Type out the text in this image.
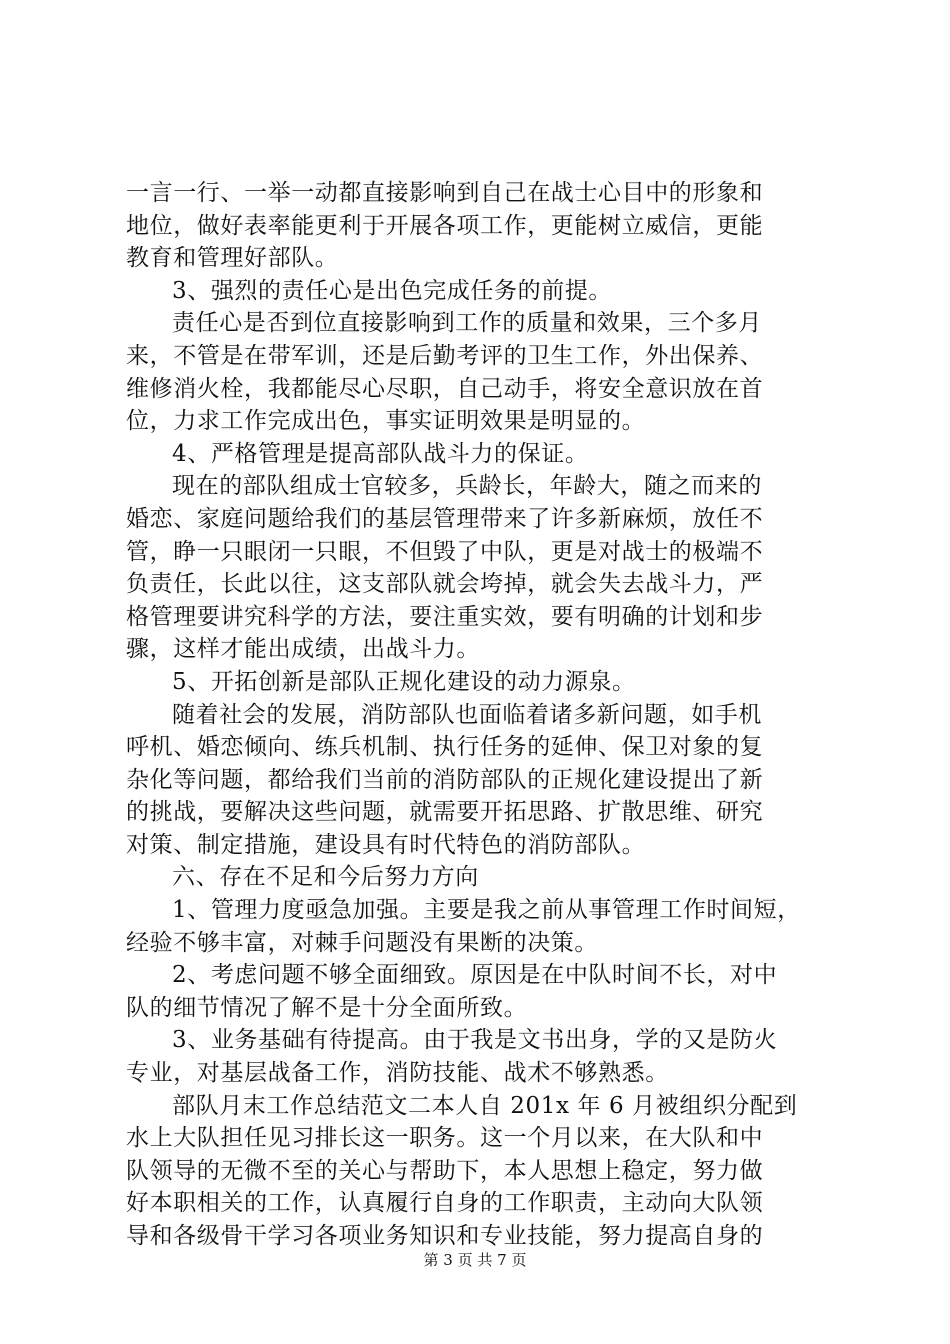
一言一行、一举一动都直接影响到自己在战士心目中的形象和
地位，做好表率能更利于开展各项工作，更能树立威信，更能
教育和管理好部队。
3、强烈的责任心是出色完成任务的前提。
责任心是否到位直接影响到工作的质量和效果，三个多月
来，不管是在带军训，还是后勤考评的卫生工作，外出保养、
维修消火栓，我都能尽心尽职，自己动手，将安全意识放在首
位，力求工作完成出色，事实证明效果是明显的。
4、严格管理是提高部队战斗力的保证。
现在的部队组成士官较多，兵龄长，年龄大，随之而来的
婚恋、家庭问题给我们的基层管理带来了许多新麻烦，放任不
管，睁一只眼闭一只眼，不但毁了中队，更是对战士的极端不
负责任，长此以往，这支部队就会垮掉，就会失去战斗力，严
格管理要讲究科学的方法，要注重实效，要有明确的计划和步
骤，这样才能出成绩，出战斗力。
5、开拓创新是部队正规化建设的动力源泉。
随着社会的发展，消防部队也面临着诸多新问题，如手机
呼机、婚恋倾向、练兵机制、执行任务的延伸、保卫对象的复
杂化等问题，都给我们当前的消防部队的正规化建设提出了新
的挑战，要解决这些问题，就需要开拓思路、扩散思维、研究
对策、制定措施，建设具有时代特色的消防部队。
六、存在不足和今后努力方向
1、管理力度亟急加强。主要是我之前从事管理工作时间短，
经验不够丰富，对棘手问题没有果断的决策。
2、考虑问题不够全面细致。原因是在中队时间不长，对中
队的细节情况了解不是十分全面所致。
3、业务基础有待提高。由于我是文书出身，学的又是防火
专业，对基层战备工作，消防技能、战术不够熟悉。
部队月末工作总结范文二本人自 201x 年 6 月被组织分配到
水上大队担任见习排长这一职务。这一个月以来，在大队和中
队领导的无微不至的关心与帮助下，本人思想上稳定，努力做
好本职相关的工作，认真履行自身的工作职责，主动向大队领
导和各级骨干学习各项业务知识和专业技能，努力提高自身的
第 3 页 共 7 页
